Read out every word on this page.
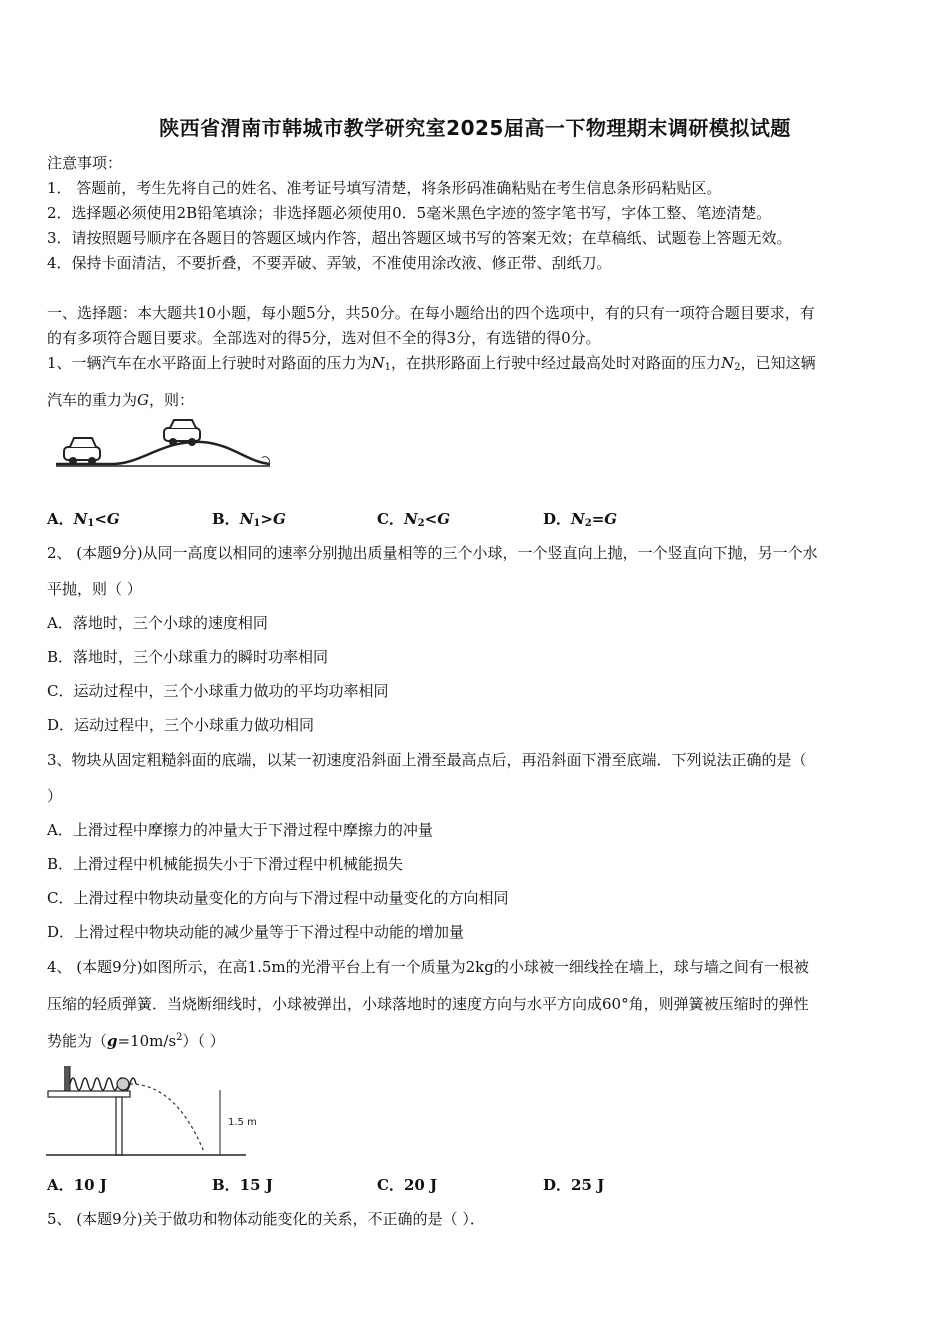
陕西省渭南市韩城市教学研究室2025届高一下物理期末调研模拟试题
注意事项：
1． 答题前，考生先将自己的姓名、准考证号填写清楚，将条形码准确粘贴在考生信息条形码粘贴区。
2．选择题必须使用2B铅笔填涂；非选择题必须使用0．5毫米黑色字迹的签字笔书写，字体工整、笔迹清楚。
3．请按照题号顺序在各题目的答题区域内作答，超出答题区域书写的答案无效；在草稿纸、试题卷上答题无效。
4．保持卡面清洁，不要折叠，不要弄破、弄皱，不准使用涂改液、修正带、刮纸刀。
一、选择题：本大题共10小题，每小题5分，共50分。在每小题给出的四个选项中，有的只有一项符合题目要求，有
的有多项符合题目要求。全部选对的得5分，选对但不全的得3分，有选错的得0分。
1、一辆汽车在水平路面上行驶时对路面的压力为$N_1$，在拱形路面上行驶中经过最高处时对路面的压力$N_2$，已知这辆
汽车的重力为G，则：
A．$N_1<G$	B．$N_1>G$	C．$N_2<G$	D．$N_2=G$
2、 (本题9分)从同一高度以相同的速率分别抛出质量相等的三个小球，一个竖直向上抛，一个竖直向下抛，另一个水
平抛，则（ ）
A．落地时，三个小球的速度相同
B．落地时，三个小球重力的瞬时功率相同
C．运动过程中，三个小球重力做功的平均功率相同
D．运动过程中，三个小球重力做功相同
3、物块从固定粗糙斜面的底端，以某一初速度沿斜面上滑至最高点后，再沿斜面下滑至底端．下列说法正确的是（
）
A．上滑过程中摩擦力的冲量大于下滑过程中摩擦力的冲量
B．上滑过程中机械能损失小于下滑过程中机械能损失
C．上滑过程中物块动量变化的方向与下滑过程中动量变化的方向相同
D．上滑过程中物块动能的减少量等于下滑过程中动能的增加量
4、 (本题9分)如图所示，在高1.5m的光滑平台上有一个质量为2kg的小球被一细线拴在墙上，球与墙之间有一根被
压缩的轻质弹簧．当烧断细线时，小球被弹出，小球落地时的速度方向与水平方向成60°角，则弹簧被压缩时的弹性
势能为$(g=10m/s^2)$（ ）
1.5 m
A．10 J	B．15 J	C．20 J	D．25 J
5、 (本题9分)关于做功和物体动能变化的关系，不正确的是（ ）．
